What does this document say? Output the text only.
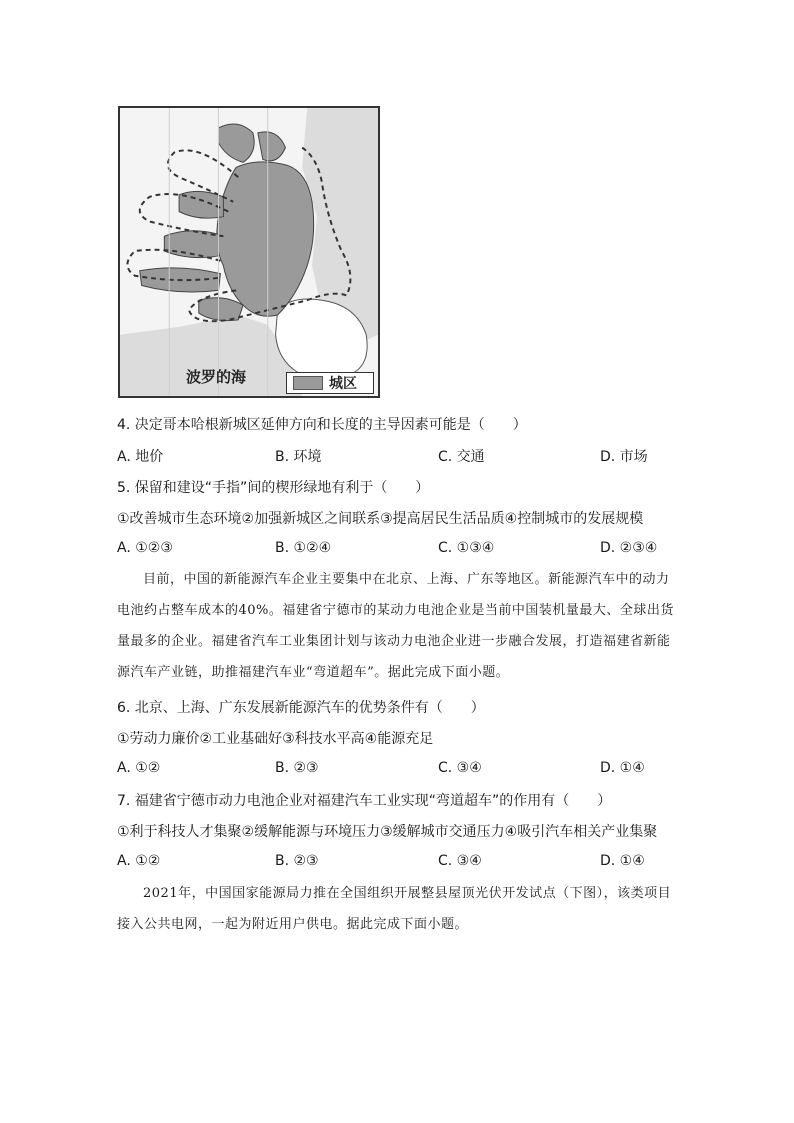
波罗的海	城区
4. 决定哥本哈根新城区延伸方向和长度的主导因素可能是（　　）
A. 地价	B. 环境	C. 交通	D. 市场
5. 保留和建设“手指”间的楔形绿地有利于（　　）
①改善城市生态环境②加强新城区之间联系③提高居民生活品质④控制城市的发展规模
A. ①②③	B. ①②④	C. ①③④	D. ②③④

目前，中国的新能源汽车企业主要集中在北京、上海、广东等地区。新能源汽车中的动力电池约占整车成本的40%。福建省宁德市的某动力电池企业是当前中国装机量最大、全球出货量最多的企业。福建省汽车工业集团计划与该动力电池企业进一步融合发展，打造福建省新能源汽车产业链，助推福建汽车业“弯道超车”。据此完成下面小题。

6. 北京、上海、广东发展新能源汽车的优势条件有（　　）
①劳动力廉价②工业基础好③科技水平高④能源充足
A. ①②	B. ②③	C. ③④	D. ①④
7. 福建省宁德市动力电池企业对福建汽车工业实现“弯道超车”的作用有（　　）
①利于科技人才集聚②缓解能源与环境压力③缓解城市交通压力④吸引汽车相关产业集聚
A. ①②	B. ②③	C. ③④	D. ①④

2021年，中国国家能源局力推在全国组织开展整县屋顶光伏开发试点（下图），该类项目接入公共电网，一起为附近用户供电。据此完成下面小题。
